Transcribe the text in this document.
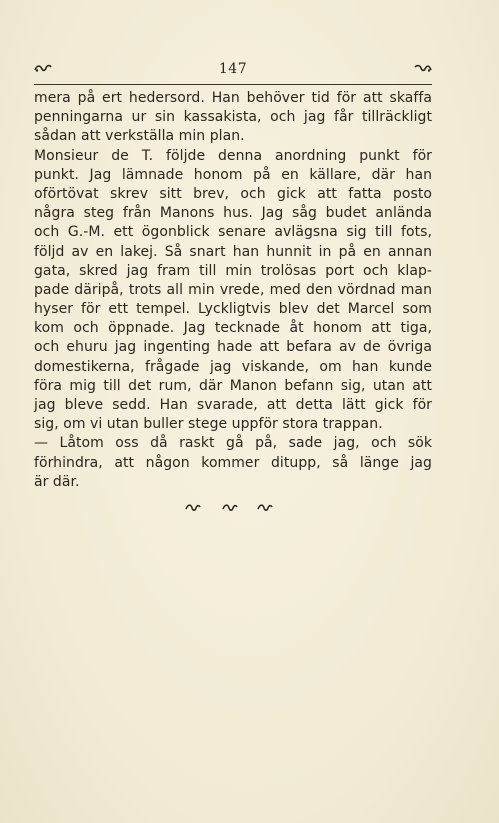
147
mera på ert hedersord. Han behöver tid för att skaffa
penningarna ur sin kassakista, och jag får tillräckligt
sådan att verkställa min plan.
Monsieur de T. följde denna anordning punkt för
punkt. Jag lämnade honom på en källare, där han
oförtövat skrev sitt brev, och gick att fatta posto
några steg från Manons hus. Jag såg budet anlända
och G.-M. ett ögonblick senare avlägsna sig till fots,
följd av en lakej. Så snart han hunnit in på en annan
gata, skred jag fram till min trolösas port och klap-
pade däripå, trots all min vrede, med den vördnad man
hyser för ett tempel. Lyckligtvis blev det Marcel som
kom och öppnade. Jag tecknade åt honom att tiga,
och ehuru jag ingenting hade att befara av de övriga
domestikerna, frågade jag viskande, om han kunde
föra mig till det rum, där Manon befann sig, utan att
jag bleve sedd. Han svarade, att detta lätt gick för
sig, om vi utan buller stege uppför stora trappan.
— Låtom oss då raskt gå på, sade jag, och sök
förhindra, att någon kommer ditupp, så länge jag
är där.
